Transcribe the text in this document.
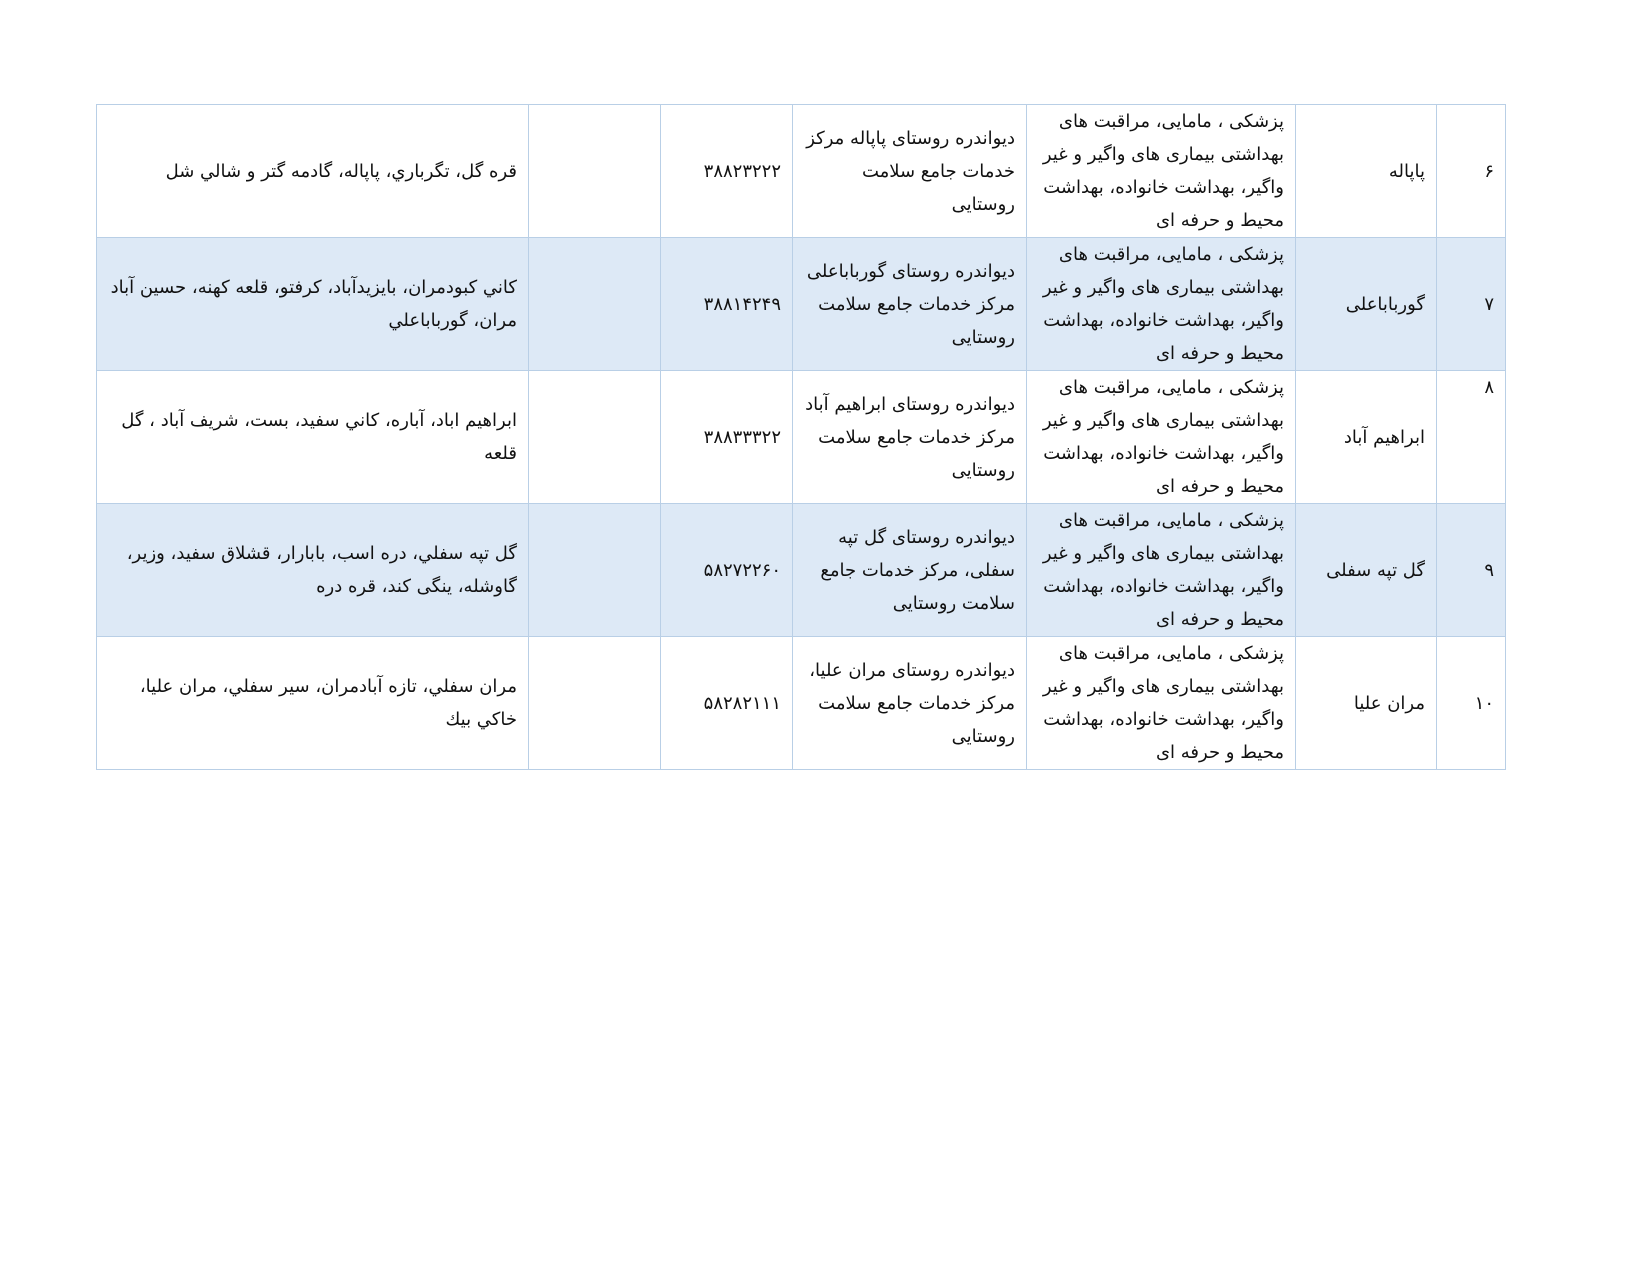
۶	پاپاله	پزشکی ، مامایی، مراقبت های بهداشتی بیماری های واگیر و غیر واگیر، بهداشت خانواده، بهداشت محیط و حرفه ای	دیواندره روستای پاپاله مرکز خدمات جامع سلامت روستایی	۳۸۸۲۳۲۲۲		قره گل، تگرباري، پاپاله، گادمه گتر و شالي شل
۷	گورباباعلی	پزشکی ، مامایی، مراقبت های بهداشتی بیماری های واگیر و غیر واگیر، بهداشت خانواده، بهداشت محیط و حرفه ای	دیواندره روستای گورباباعلی مرکز خدمات جامع سلامت روستایی	۳۸۸۱۴۲۴۹		كاني كبودمران، بايزيدآباد، كرفتو، قلعه كهنه، حسين آباد مران، گورباباعلي
۸	ابراهیم آباد	پزشکی ، مامایی، مراقبت های بهداشتی بیماری های واگیر و غیر واگیر، بهداشت خانواده، بهداشت محیط و حرفه ای	دیواندره روستای ابراهیم آباد مرکز خدمات جامع سلامت روستایی	۳۸۸۳۳۳۲۲		ابراهيم اباد، آباره، كاني سفيد، بست، شريف آباد ، گل قلعه
۹	گل تپه سفلی	پزشکی ، مامایی، مراقبت های بهداشتی بیماری های واگیر و غیر واگیر، بهداشت خانواده، بهداشت محیط و حرفه ای	دیواندره روستای گل تپه سفلی، مرکز خدمات جامع سلامت روستایی	۵۸۲۷۲۲۶۰		گل تپه سفلي، دره اسب، بابارار، قشلاق سفيد، وزير، گاوشله، ينگی كند، قره دره
۱۰	مران علیا	پزشکی ، مامایی، مراقبت های بهداشتی بیماری های واگیر و غیر واگیر، بهداشت خانواده، بهداشت محیط و حرفه ای	دیواندره روستای مران علیا، مرکز خدمات جامع سلامت روستایی	۵۸۲۸۲۱۱۱		مران سفلي، تازه آبادمران، سير سفلي، مران عليا، خاكي بيك
